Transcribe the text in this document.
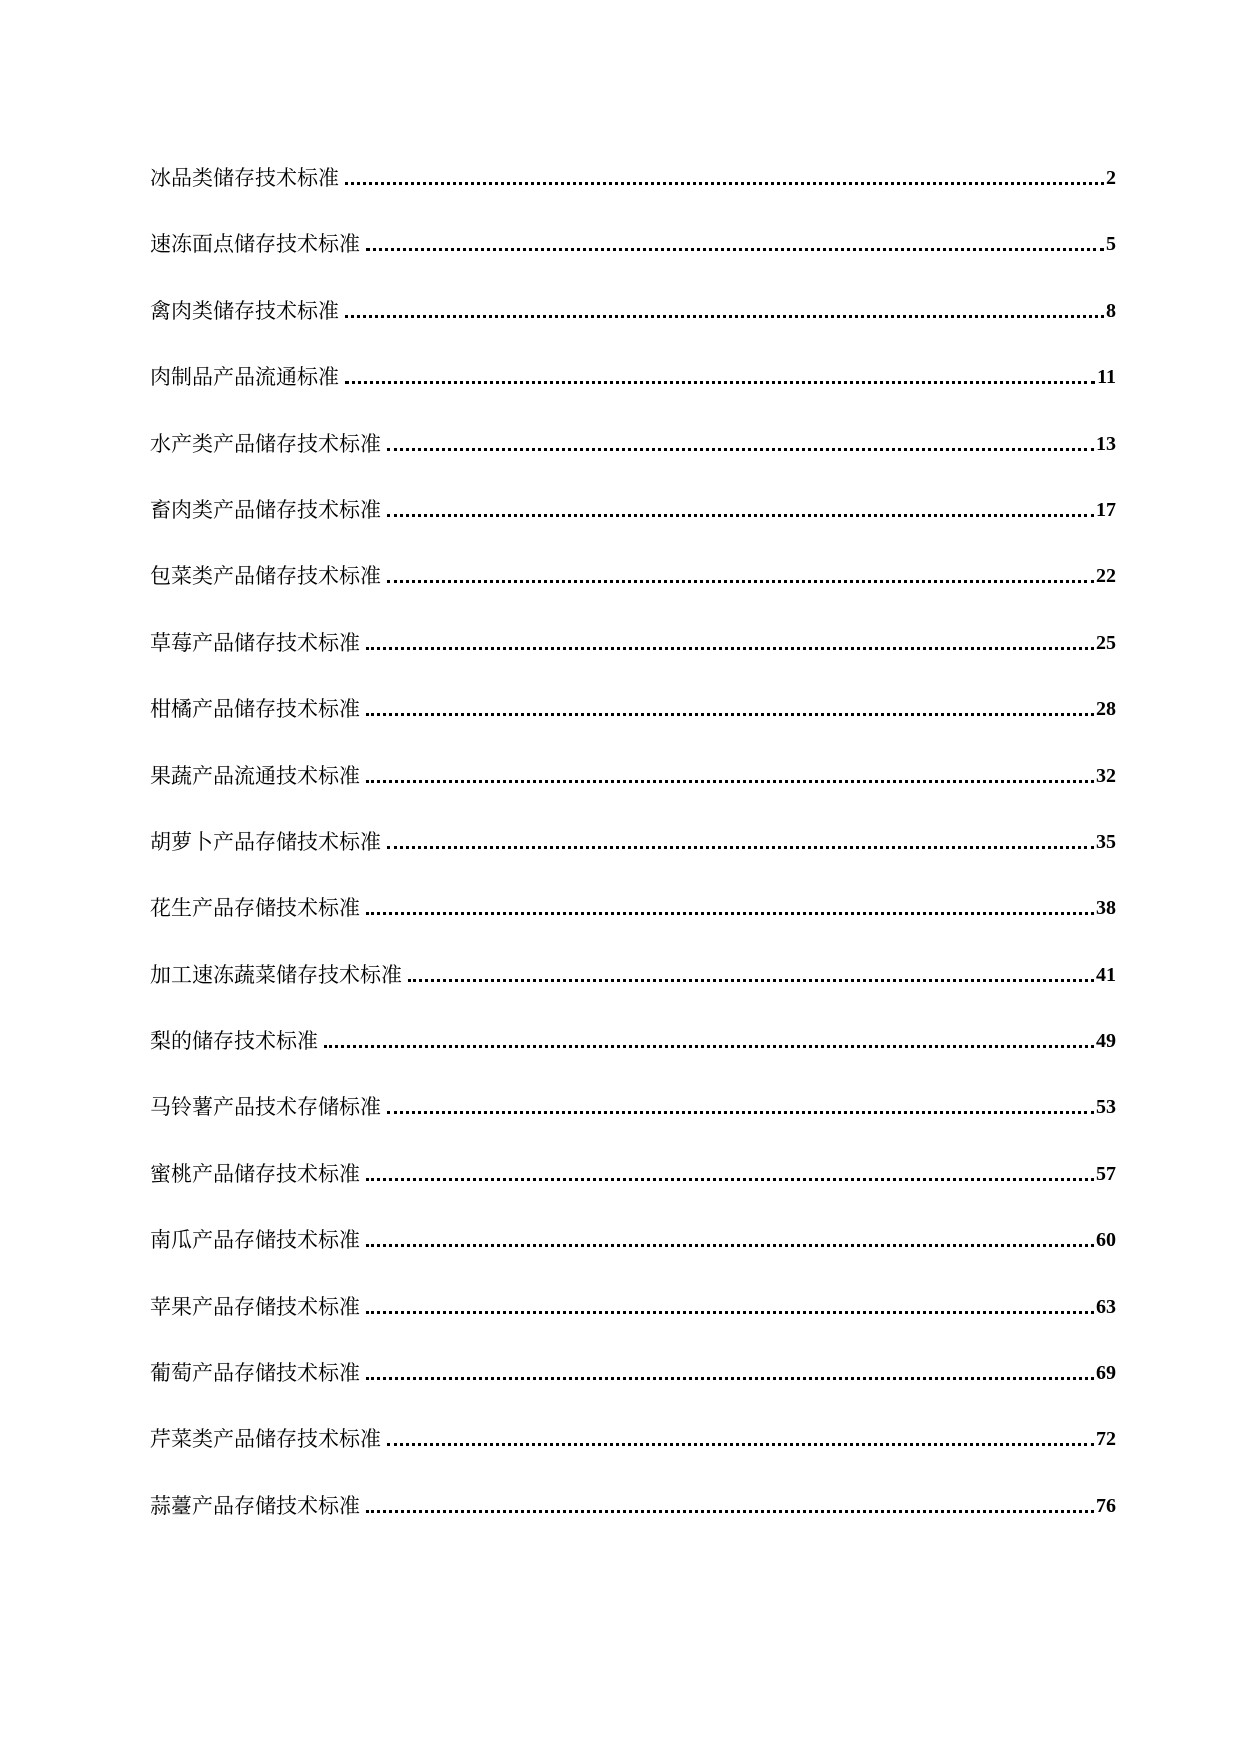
冰品类储存技术标准	2
速冻面点储存技术标准	5
禽肉类储存技术标准	8
肉制品产品流通标准	11
水产类产品储存技术标准	13
畜肉类产品储存技术标准	17
包菜类产品储存技术标准	22
草莓产品储存技术标准	25
柑橘产品储存技术标准	28
果蔬产品流通技术标准	32
胡萝卜产品存储技术标准	35
花生产品存储技术标准	38
加工速冻蔬菜储存技术标准	41
梨的储存技术标准	49
马铃薯产品技术存储标准	53
蜜桃产品储存技术标准	57
南瓜产品存储技术标准	60
苹果产品存储技术标准	63
葡萄产品存储技术标准	69
芹菜类产品储存技术标准	72
蒜薹产品存储技术标准	76
